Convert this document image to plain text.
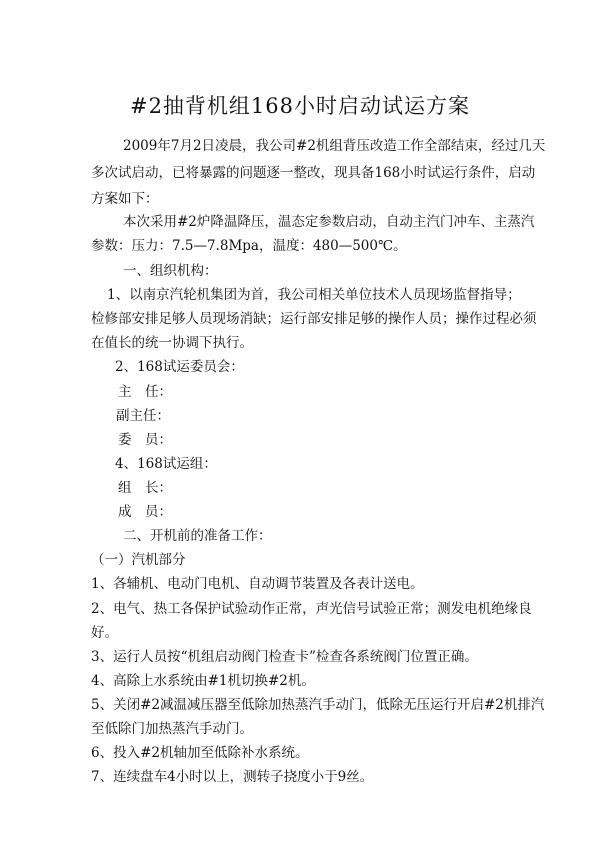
#2抽背机组168小时启动试运方案

2009年7月2日凌晨，我公司#2机组背压改造工作全部结束，经过几天

多次试启动，已将暴露的问题逐一整改，现具备168小时试运行条件，启动

方案如下：

本次采用#2炉降温降压，温态定参数启动，自动主汽门冲车、主蒸汽

参数：压力：7.5—7.8Mpa，温度：480—500℃。

一、组织机构：

1、以南京汽轮机集团为首，我公司相关单位技术人员现场监督指导；

检修部安排足够人员现场消缺；运行部安排足够的操作人员；操作过程必须

在值长的统一协调下执行。

2、168试运委员会：

主　任：

副主任：

委　员：

4、168试运组：

组　长：

成　员：

二、开机前的准备工作：

（一）汽机部分

1、各辅机、电动门电机、自动调节装置及各表计送电。

2、电气、热工各保护试验动作正常，声光信号试验正常；测发电机绝缘良

好。

3、运行人员按“机组启动阀门检查卡”检查各系统阀门位置正确。

4、高除上水系统由#1机切换#2机。

5、关闭#2减温减压器至低除加热蒸汽手动门，低除无压运行开启#2机排汽

至低除门加热蒸汽手动门。

6、投入#2机轴加至低除补水系统。

7、连续盘车4小时以上，测转子挠度小于9丝。
